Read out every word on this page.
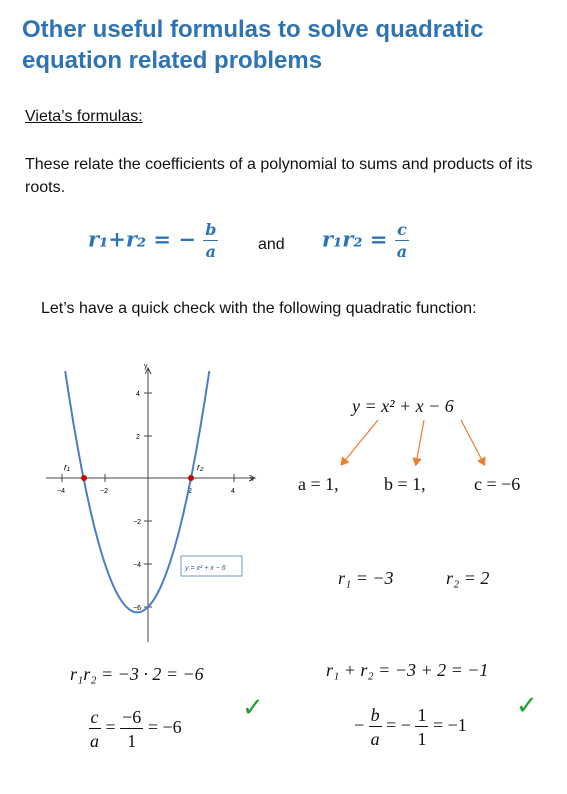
Other useful formulas to solve quadratic equation related problems
Vieta’s formulas:
These relate the coefficients of a polynomial to sums and products of its roots.
r₁+r₂ = − $\frac{b}{a}$ and $r_1r_2 = \frac{c}{a}$
Let’s have a quick check with the following quadratic function:
−4	−2	2	4
4
2
−2
−4
−6
x
y
r₁	r₂
y = x² + x − 6
y = x² + x − 6
a = 1,	b = 1,	c = −6
r₁ = −3	r₂ = 2
r₁r₂ = −3 · 2 = −6
$\frac{c}{a} = \frac{-6}{1} = -6$
✓
r₁ + r₂ = −3 + 2 = −1
− $\frac{b}{a}$ = − $\frac{1}{1} = -1$
✓
